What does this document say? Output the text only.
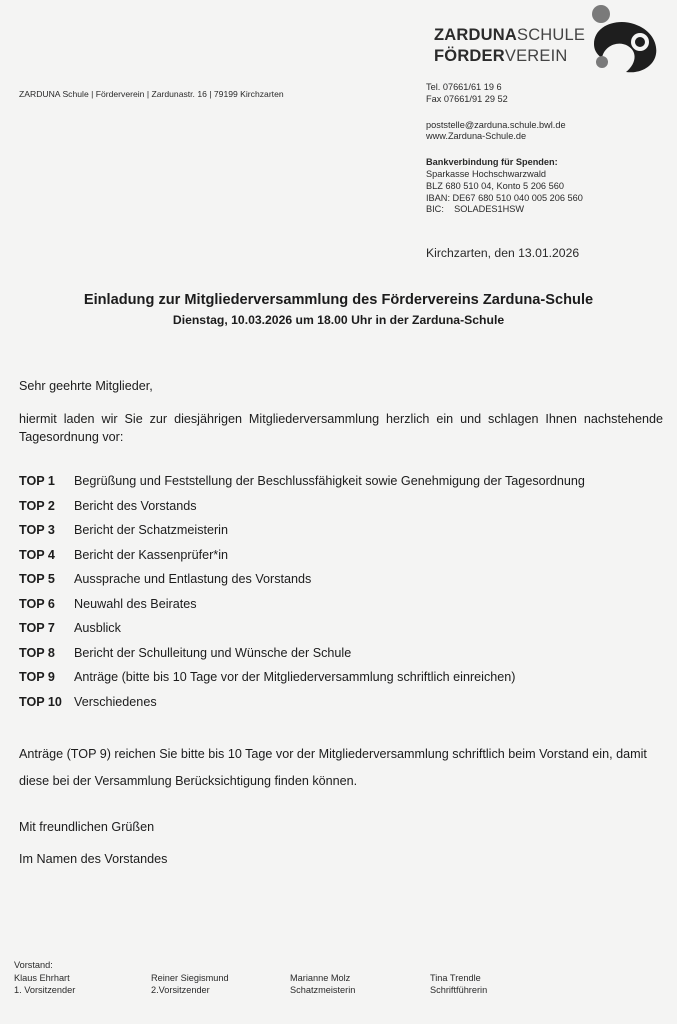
ZARDUNASCHULE
FÖRDERVEREIN
ZARDUNA Schule | Förderverein | Zardunastr. 16 | 79199 Kirchzarten
Tel. 07661/61 19 6
Fax 07661/91 29 52
poststelle@zarduna.schule.bwl.de
www.Zarduna-Schule.de
Bankverbindung für Spenden:
Sparkasse Hochschwarzwald
BLZ 680 510 04, Konto 5 206 560
IBAN: DE67 680 510 040 005 206 560
BIC:    SOLADES1HSW
Kirchzarten, den 13.01.2026
Einladung zur Mitgliederversammlung des Fördervereins Zarduna-Schule
Dienstag, 10.03.2026 um 18.00 Uhr in der Zarduna-Schule
Sehr geehrte Mitglieder,
hiermit laden wir Sie zur diesjährigen Mitgliederversammlung herzlich ein und schlagen Ihnen nachstehende Tagesordnung vor:
TOP 1	Begrüßung und Feststellung der Beschlussfähigkeit sowie Genehmigung der Tagesordnung
TOP 2	Bericht des Vorstands
TOP 3	Bericht der Schatzmeisterin
TOP 4	Bericht der Kassenprüfer*in
TOP 5	Aussprache und Entlastung des Vorstands
TOP 6	Neuwahl des Beirates
TOP 7	Ausblick
TOP 8	Bericht der Schulleitung und Wünsche der Schule
TOP 9	Anträge (bitte bis 10 Tage vor der Mitgliederversammlung schriftlich einreichen)
TOP 10 Verschiedenes
Anträge (TOP 9) reichen Sie bitte bis 10 Tage vor der Mitgliederversammlung schriftlich beim Vorstand ein, damit diese bei der Versammlung Berücksichtigung finden können.
Mit freundlichen Grüßen
Im Namen des Vorstandes
Vorstand:
Klaus Ehrhart
1. Vorsitzender
Reiner Siegismund
2.Vorsitzender
Marianne Molz
Schatzmeisterin
Tina Trendle
Schriftführerin
